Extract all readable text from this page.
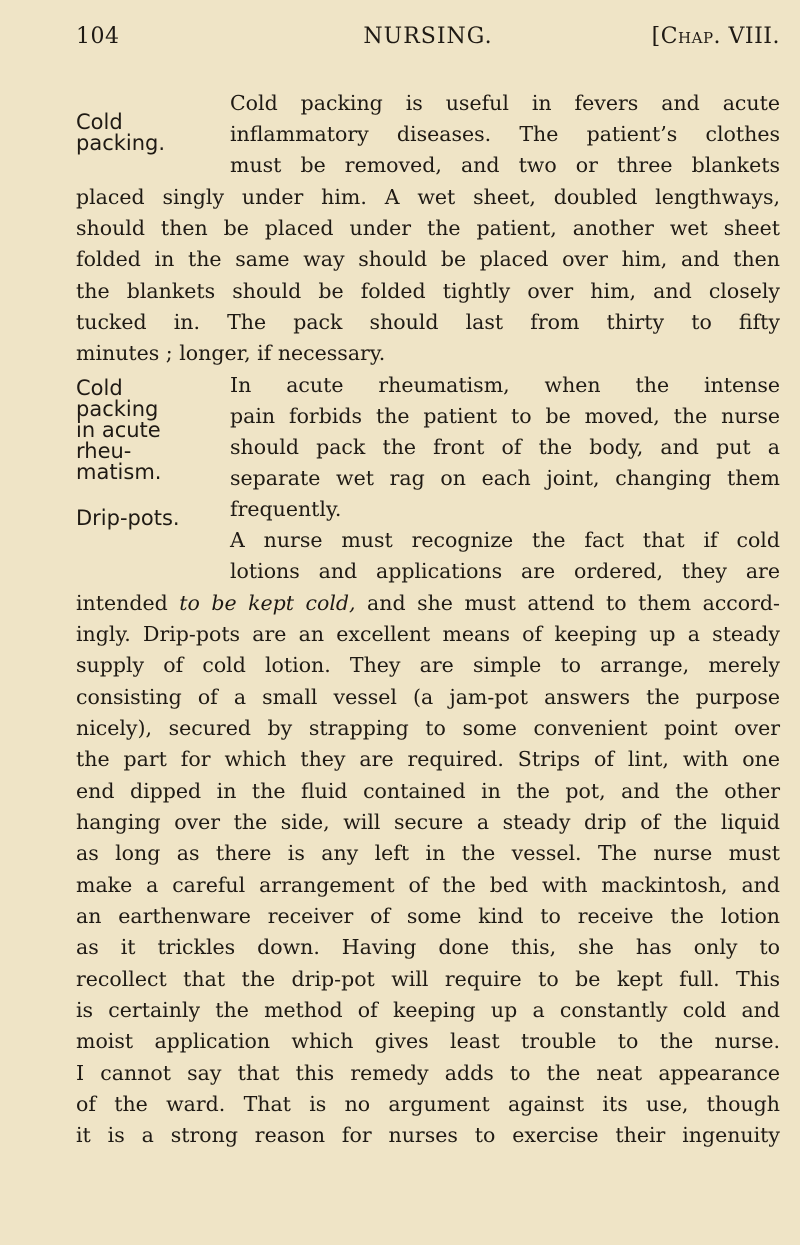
104	NURSING.	[Chap. VIII.
Cold
packing.
Cold
packing
in acute
rheu-
matism.
Drip-pots.
Cold packing is useful in fevers and acute
inflammatory diseases. The patient’s clothes
must be removed, and two or three blankets
placed singly under him. A wet sheet, doubled lengthways,
should then be placed under the patient, another wet sheet
folded in the same way should be placed over him, and then
the blankets should be folded tightly over him, and closely
tucked in. The pack should last from thirty to fifty
minutes ; longer, if necessary.
In acute rheumatism, when the intense
pain forbids the patient to be moved, the nurse
should pack the front of the body, and put a
separate wet rag on each joint, changing them
frequently.
A nurse must recognize the fact that if cold
lotions and applications are ordered, they are
intended to be kept cold, and she must attend to them accord-
ingly. Drip-pots are an excellent means of keeping up a steady
supply of cold lotion. They are simple to arrange, merely
consisting of a small vessel (a jam-pot answers the purpose
nicely), secured by strapping to some convenient point over
the part for which they are required. Strips of lint, with one
end dipped in the fluid contained in the pot, and the other
hanging over the side, will secure a steady drip of the liquid
as long as there is any left in the vessel. The nurse must
make a careful arrangement of the bed with mackintosh, and
an earthenware receiver of some kind to receive the lotion
as it trickles down. Having done this, she has only to
recollect that the drip-pot will require to be kept full. This
is certainly the method of keeping up a constantly cold and
moist application which gives least trouble to the nurse.
I cannot say that this remedy adds to the neat appearance
of the ward. That is no argument against its use, though
it is a strong reason for nurses to exercise their ingenuity
